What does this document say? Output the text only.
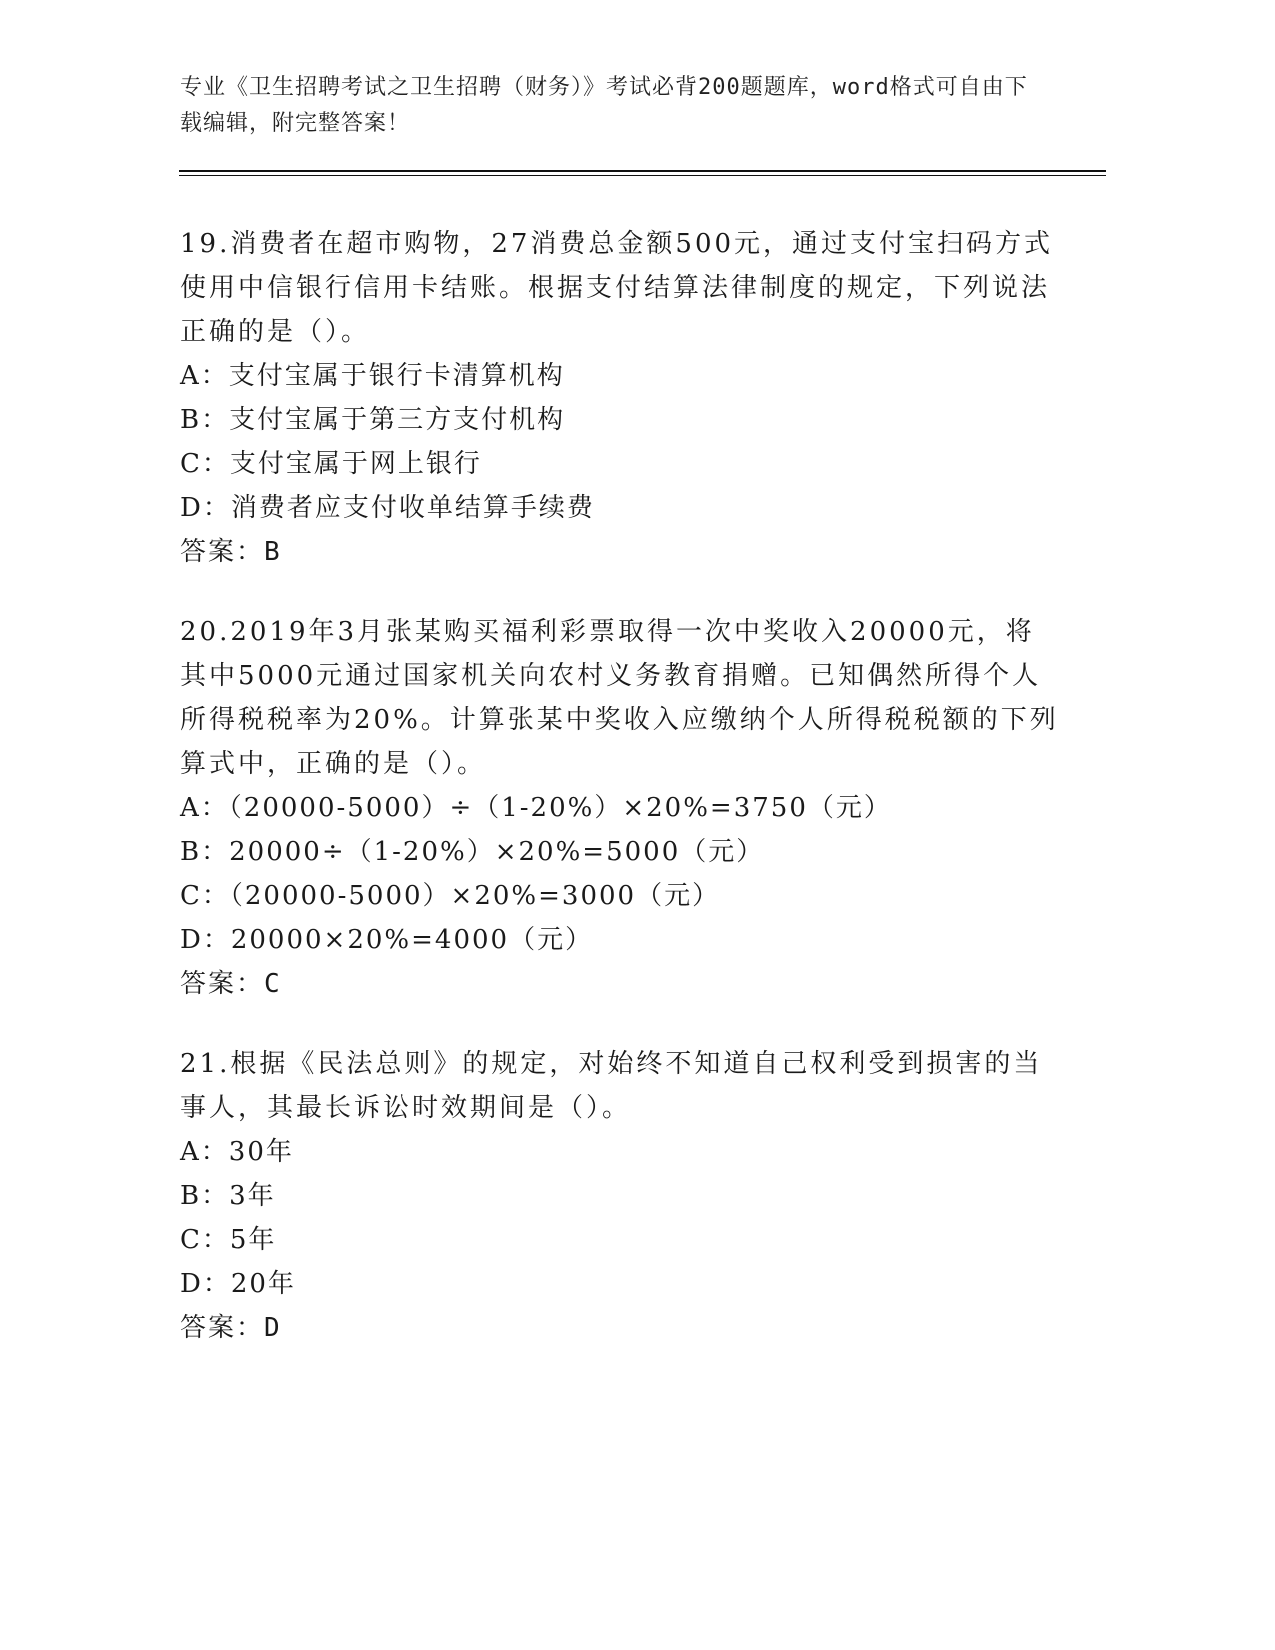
专业《卫生招聘考试之卫生招聘（财务）》考试必背200题题库，word格式可自由下载编辑，附完整答案！

19.消费者在超市购物，27消费总金额500元，通过支付宝扫码方式使用中信银行信用卡结账。根据支付结算法律制度的规定，下列说法正确的是（）。

A：支付宝属于银行卡清算机构

B：支付宝属于第三方支付机构

C：支付宝属于网上银行

D：消费者应支付收单结算手续费

答案：B

20.2019年3月张某购买福利彩票取得一次中奖收入20000元，将其中5000元通过国家机关向农村义务教育捐赠。已知偶然所得个人所得税税率为20%。计算张某中奖收入应缴纳个人所得税税额的下列算式中，正确的是（）。

A：（20000-5000）÷（1-20%）×20%=3750（元）

B：20000÷（1-20%）×20%=5000（元）

C：（20000-5000）×20%=3000（元）

D：20000×20%=4000（元）

答案：C

21.根据《民法总则》的规定，对始终不知道自己权利受到损害的当事人，其最长诉讼时效期间是（）。

A：30年

B：3年

C：5年

D：20年

答案：D
